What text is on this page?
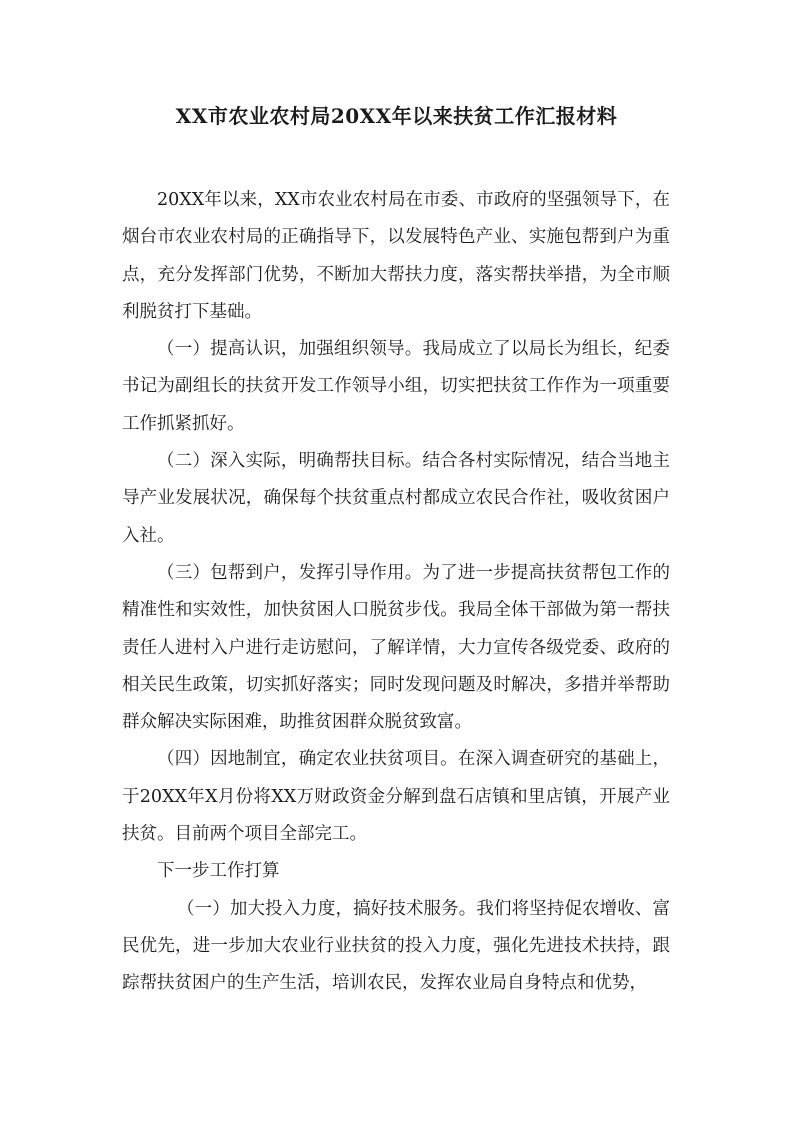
XX市农业农村局20XX年以来扶贫工作汇报材料

20XX年以来，XX市农业农村局在市委、市政府的坚强领导下，在烟台市农业农村局的正确指导下，以发展特色产业、实施包帮到户为重点，充分发挥部门优势，不断加大帮扶力度，落实帮扶举措，为全市顺利脱贫打下基础。

（一）提高认识，加强组织领导。我局成立了以局长为组长，纪委书记为副组长的扶贫开发工作领导小组，切实把扶贫工作作为一项重要工作抓紧抓好。

（二）深入实际，明确帮扶目标。结合各村实际情况，结合当地主导产业发展状况，确保每个扶贫重点村都成立农民合作社，吸收贫困户入社。

（三）包帮到户，发挥引导作用。为了进一步提高扶贫帮包工作的精准性和实效性，加快贫困人口脱贫步伐。我局全体干部做为第一帮扶责任人进村入户进行走访慰问，了解详情，大力宣传各级党委、政府的相关民生政策，切实抓好落实；同时发现问题及时解决，多措并举帮助群众解决实际困难，助推贫困群众脱贫致富。

（四）因地制宜，确定农业扶贫项目。在深入调查研究的基础上，于20XX年X月份将XX万财政资金分解到盘石店镇和里店镇，开展产业扶贫。目前两个项目全部完工。

下一步工作打算

（一）加大投入力度，搞好技术服务。我们将坚持促农增收、富民优先，进一步加大农业行业扶贫的投入力度，强化先进技术扶持，跟踪帮扶贫困户的生产生活，培训农民，发挥农业局自身特点和优势，
